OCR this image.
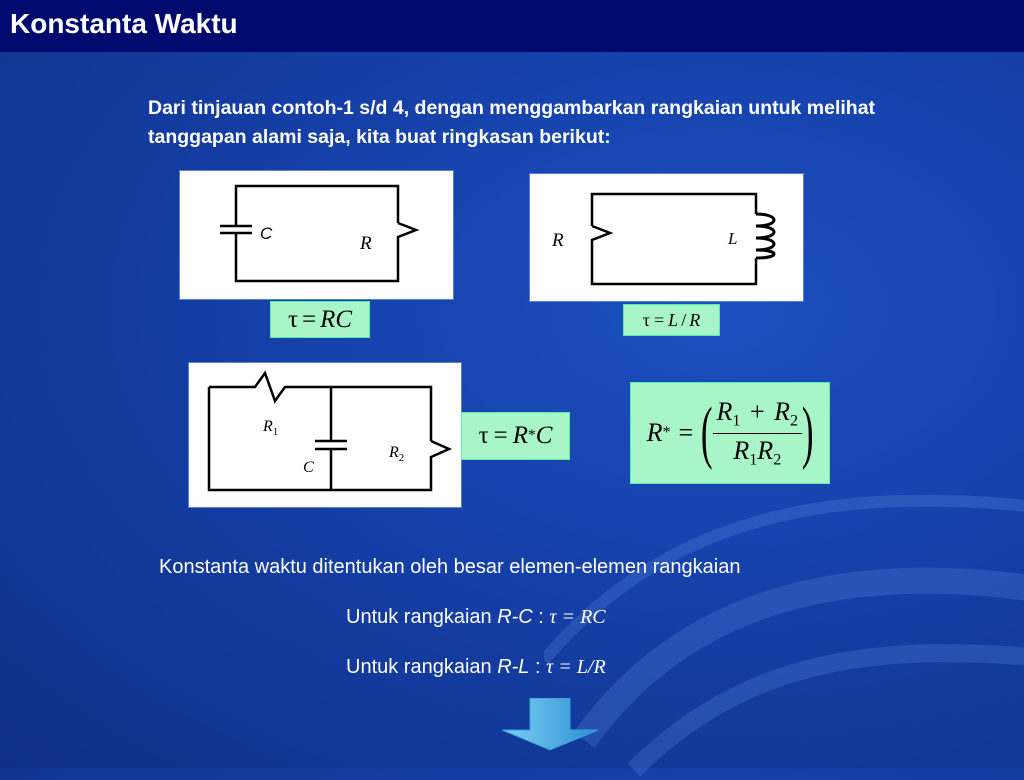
Konstanta Waktu
Dari tinjauan contoh-1 s/d 4, dengan menggambarkan rangkaian untuk melihat tanggapan alami saja, kita buat ringkasan berikut:
C	R	R	L
τ = RC	τ = L / R
$R_1$
$R_2$
C
τ = R * C	R * = ( $\frac{R_1 + R_2}{R_1R_2}$ )
Konstanta waktu ditentukan oleh besar elemen-elemen rangkaian
Untuk rangkaian R-C : τ = RC
Untuk rangkaian R-L : τ = L/R
